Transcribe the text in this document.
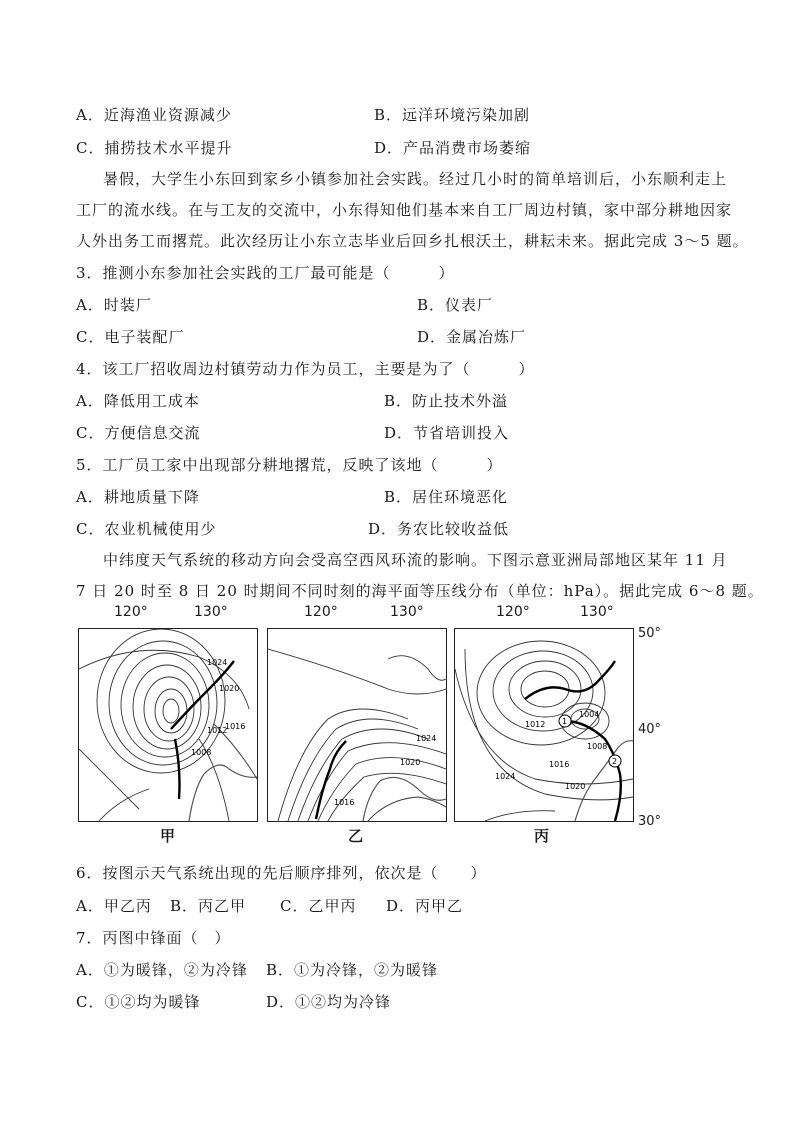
A．近海渔业资源减少	B．远洋环境污染加剧
C．捕捞技术水平提升	D．产品消费市场萎缩
暑假，大学生小东回到家乡小镇参加社会实践。经过几小时的简单培训后，小东顺利走上
工厂的流水线。在与工友的交流中，小东得知他们基本来自工厂周边村镇，家中部分耕地因家
人外出务工而撂荒。此次经历让小东立志毕业后回乡扎根沃土，耕耘未来。据此完成 3～5 题。
3．推测小东参加社会实践的工厂最可能是（　　　）
A．时装厂	B．仪表厂
C．电子装配厂	D．金属冶炼厂
4．该工厂招收周边村镇劳动力作为员工，主要是为了（　　　）
A．降低用工成本	B．防止技术外溢
C．方便信息交流	D．节省培训投入
5．工厂员工家中出现部分耕地撂荒，反映了该地（　　　）
A．耕地质量下降	B．居住环境恶化
C．农业机械使用少	D．务农比较收益低
中纬度天气系统的移动方向会受高空西风环流的影响。下图示意亚洲局部地区某年 11 月
7 日 20 时至 8 日 20 时期间不同时刻的海平面等压线分布（单位：hPa）。据此完成 6～8 题。
120°	130°	120°	130°	120°	130°
1024
1020
1016
1012
1008
1024
1020
1016
1
2
1012
1004
1008
1016
1020
1024
50°
40°
30°
甲	乙	丙
6．按图示天气系统出现的先后顺序排列，依次是（　　）
A．甲乙丙 B．丙乙甲 C．乙甲丙 D．丙甲乙
7．丙图中锋面（　）
A．①为暖锋，②为冷锋 B．①为冷锋，②为暖锋
C．①②均为暖锋	D．①②均为冷锋
